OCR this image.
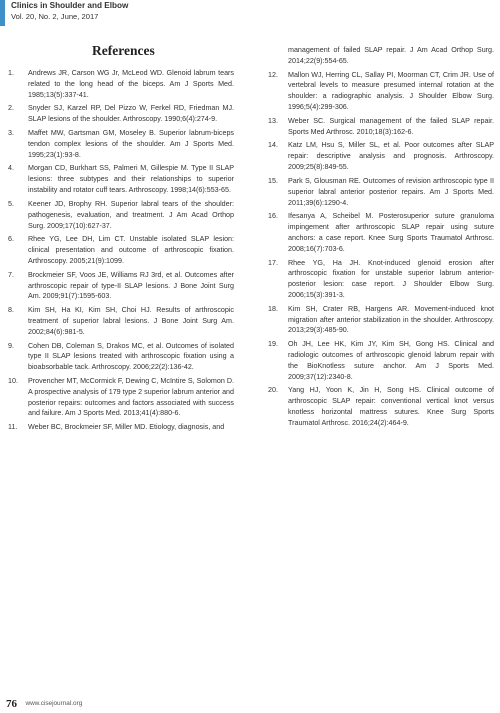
Clinics in Shoulder and Elbow
Vol. 20, No. 2, June, 2017
References
1.	Andrews JR, Carson WG Jr, McLeod WD. Glenoid labrum tears related to the long head of the biceps. Am J Sports Med. 1985;13(5):337-41.
2.	Snyder SJ, Karzel RP, Del Pizzo W, Ferkel RD, Friedman MJ. SLAP lesions of the shoulder. Arthroscopy. 1990;6(4):274-9.
3.	Maffet MW, Gartsman GM, Moseley B. Superior labrum-biceps tendon complex lesions of the shoulder. Am J Sports Med. 1995;23(1):93-8.
4.	Morgan CD, Burkhart SS, Palmeri M, Gillespie M. Type II SLAP lesions: three subtypes and their relationships to superior instability and rotator cuff tears. Arthroscopy. 1998;14(6):553-65.
5.	Keener JD, Brophy RH. Superior labral tears of the shoulder: pathogenesis, evaluation, and treatment. J Am Acad Orthop Surg. 2009;17(10):627-37.
6.	Rhee YG, Lee DH, Lim CT. Unstable isolated SLAP lesion: clinical presentation and outcome of arthroscopic fixation. Arthroscopy. 2005;21(9):1099.
7.	Brockmeier SF, Voos JE, Williams RJ 3rd, et al. Outcomes after arthroscopic repair of type-II SLAP lesions. J Bone Joint Surg Am. 2009;91(7):1595-603.
8.	Kim SH, Ha KI, Kim SH, Choi HJ. Results of arthroscopic treatment of superior labral lesions. J Bone Joint Surg Am. 2002;84(6):981-5.
9.	Cohen DB, Coleman S, Drakos MC, et al. Outcomes of isolated type II SLAP lesions treated with arthroscopic fixation using a bioabsorbable tack. Arthroscopy. 2006;22(2):136-42.
10.	Provencher MT, McCormick F, Dewing C, McIntire S, Solomon D. A prospective analysis of 179 type 2 superior labrum anterior and posterior repairs: outcomes and factors associated with success and failure. Am J Sports Med. 2013;41(4):880-6.
11.	Weber BC, Brockmeier SF, Miller MD. Etiology, diagnosis, and
management of failed SLAP repair. J Am Acad Orthop Surg. 2014;22(9):554-65.
12.	Mallon WJ, Herring CL, Sallay PI, Moorman CT, Crim JR. Use of vertebral levels to measure presumed internal rotation at the shoulder: a radiographic analysis. J Shoulder Elbow Surg. 1996;5(4):299-306.
13.	Weber SC. Surgical management of the failed SLAP repair. Sports Med Arthrosc. 2010;18(3):162-6.
14.	Katz LM, Hsu S, Miller SL, et al. Poor outcomes after SLAP repair: descriptive analysis and prognosis. Arthroscopy. 2009;25(8):849-55.
15.	Park S, Glousman RE. Outcomes of revision arthroscopic type II superior labral anterior posterior repairs. Am J Sports Med. 2011;39(6):1290-4.
16.	Ifesanya A, Scheibel M. Posterosuperior suture granuloma impingement after arthroscopic SLAP repair using suture anchors: a case report. Knee Surg Sports Traumatol Arthrosc. 2008;16(7):703-6.
17.	Rhee YG, Ha JH. Knot-induced glenoid erosion after arthroscopic fixation for unstable superior labrum anterior-posterior lesion: case report. J Shoulder Elbow Surg. 2006;15(3):391-3.
18.	Kim SH, Crater RB, Hargens AR. Movement-induced knot migration after anterior stabilization in the shoulder. Arthroscopy. 2013;29(3):485-90.
19.	Oh JH, Lee HK, Kim JY, Kim SH, Gong HS. Clinical and radiologic outcomes of arthroscopic glenoid labrum repair with the BioKnotless suture anchor. Am J Sports Med. 2009;37(12):2340-8.
20.	Yang HJ, Yoon K, Jin H, Song HS. Clinical outcome of arthroscopic SLAP repair: conventional vertical knot versus knotless horizontal mattress sutures. Knee Surg Sports Traumatol Arthrosc. 2016;24(2):464-9.
76 www.cisejournal.org
